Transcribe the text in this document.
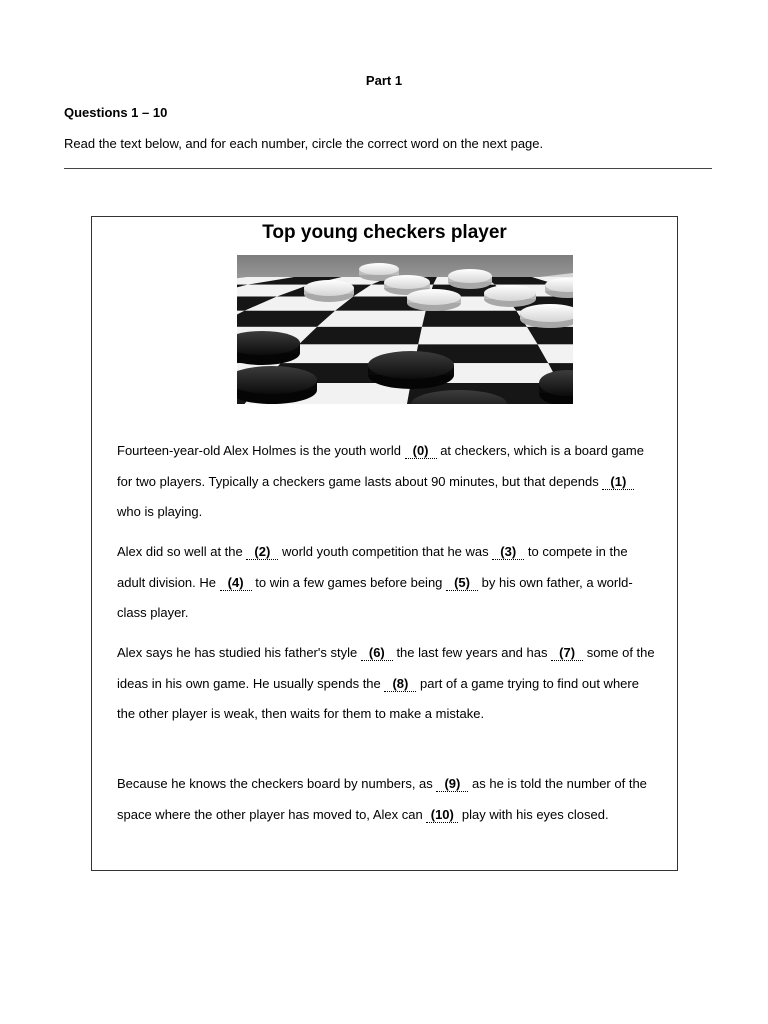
Part 1
Questions 1 – 10
Read the text below, and for each number, circle the correct word on the next page.
Top young checkers player

Fourteen-year-old Alex Holmes is the youth world (0) at checkers, which is a board game for two players. Typically a checkers game lasts about 90 minutes, but that depends (1) who is playing.

Alex did so well at the (2) world youth competition that he was (3) to compete in the adult division. He (4) to win a few games before being (5) by his own father, a world-class player.

Alex says he has studied his father's style (6) the last few years and has (7) some of the ideas in his own game. He usually spends the (8) part of a game trying to find out where the other player is weak, then waits for them to make a mistake.

Because he knows the checkers board by numbers, as (9) as he is told the number of the space where the other player has moved to, Alex can (10) play with his eyes closed.
